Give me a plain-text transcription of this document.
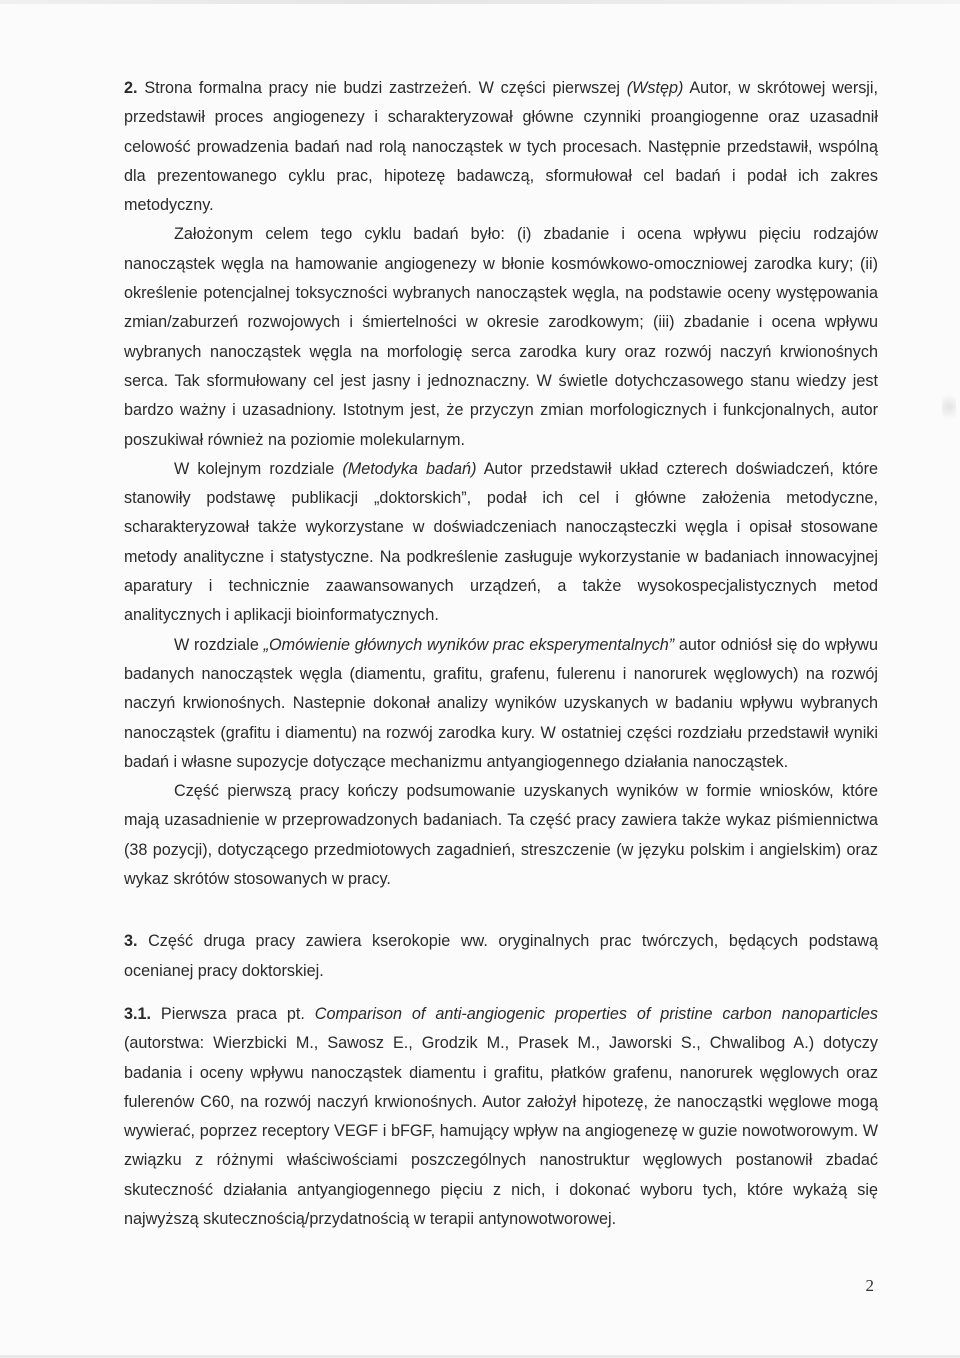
2. Strona formalna pracy nie budzi zastrzeżeń. W części pierwszej (Wstęp) Autor, w skrótowej wersji, przedstawił proces angiogenezy i scharakteryzował główne czynniki proangiogenne oraz uzasadnił celowość prowadzenia badań nad rolą nanocząstek w tych procesach. Następnie przedstawił, wspólną dla prezentowanego cyklu prac, hipotezę badawczą, sformułował cel badań i podał ich zakres metodyczny.

Założonym celem tego cyklu badań było: (i) zbadanie i ocena wpływu pięciu rodzajów nanocząstek węgla na hamowanie angiogenezy w błonie kosmówkowo-omoczniowej zarodka kury; (ii) określenie potencjalnej toksyczności wybranych nanocząstek węgla, na podstawie oceny występowania zmian/zaburzeń rozwojowych i śmiertelności w okresie zarodkowym; (iii) zbadanie i ocena wpływu wybranych nanocząstek węgla na morfologię serca zarodka kury oraz rozwój naczyń krwionośnych serca. Tak sformułowany cel jest jasny i jednoznaczny. W świetle dotychczasowego stanu wiedzy jest bardzo ważny i uzasadniony. Istotnym jest, że przyczyn zmian morfologicznych i funkcjonalnych, autor poszukiwał również na poziomie molekularnym.

W kolejnym rozdziale (Metodyka badań) Autor przedstawił układ czterech doświadczeń, które stanowiły podstawę publikacji „doktorskich”, podał ich cel i główne założenia metodyczne, scharakteryzował także wykorzystane w doświadczeniach nanocząsteczki węgla i opisał stosowane metody analityczne i statystyczne. Na podkreślenie zasługuje wykorzystanie w badaniach innowacyjnej aparatury i technicznie zaawansowanych urządzeń, a także wysokospecjalistycznych metod analitycznych i aplikacji bioinformatycznych.

W rozdziale „Omówienie głównych wyników prac eksperymentalnych” autor odniósł się do wpływu badanych nanocząstek węgla (diamentu, grafitu, grafenu, fulerenu i nanorurek węglowych) na rozwój naczyń krwionośnych. Nastepnie dokonał analizy wyników uzyskanych w badaniu wpływu wybranych nanocząstek (grafitu i diamentu) na rozwój zarodka kury. W ostatniej części rozdziału przedstawił wyniki badań i własne supozycje dotyczące mechanizmu antyangiogennego działania nanocząstek.

Część pierwszą pracy kończy podsumowanie uzyskanych wyników w formie wniosków, które mają uzasadnienie w przeprowadzonych badaniach. Ta część pracy zawiera także wykaz piśmiennictwa (38 pozycji), dotyczącego przedmiotowych zagadnień, streszczenie (w języku polskim i angielskim) oraz wykaz skrótów stosowanych w pracy.

3. Część druga pracy zawiera kserokopie ww. oryginalnych prac twórczych, będących podstawą ocenianej pracy doktorskiej.

3.1. Pierwsza praca pt. Comparison of anti-angiogenic properties of pristine carbon nanoparticles (autorstwa: Wierzbicki M., Sawosz E., Grodzik M., Prasek M., Jaworski S., Chwalibog A.) dotyczy badania i oceny wpływu nanocząstek diamentu i grafitu, płatków grafenu, nanorurek węglowych oraz fulerenów C60, na rozwój naczyń krwionośnych. Autor założył hipotezę, że nanocząstki węglowe mogą wywierać, poprzez receptory VEGF i bFGF, hamujący wpływ na angiogenezę w guzie nowotworowym. W związku z różnymi właściwościami poszczególnych nanostruktur węglowych postanowił zbadać skuteczność działania antyangiogennego pięciu z nich, i dokonać wyboru tych, które wykażą się najwyższą skutecznością/przydatnością w terapii antynowotworowej.

2
